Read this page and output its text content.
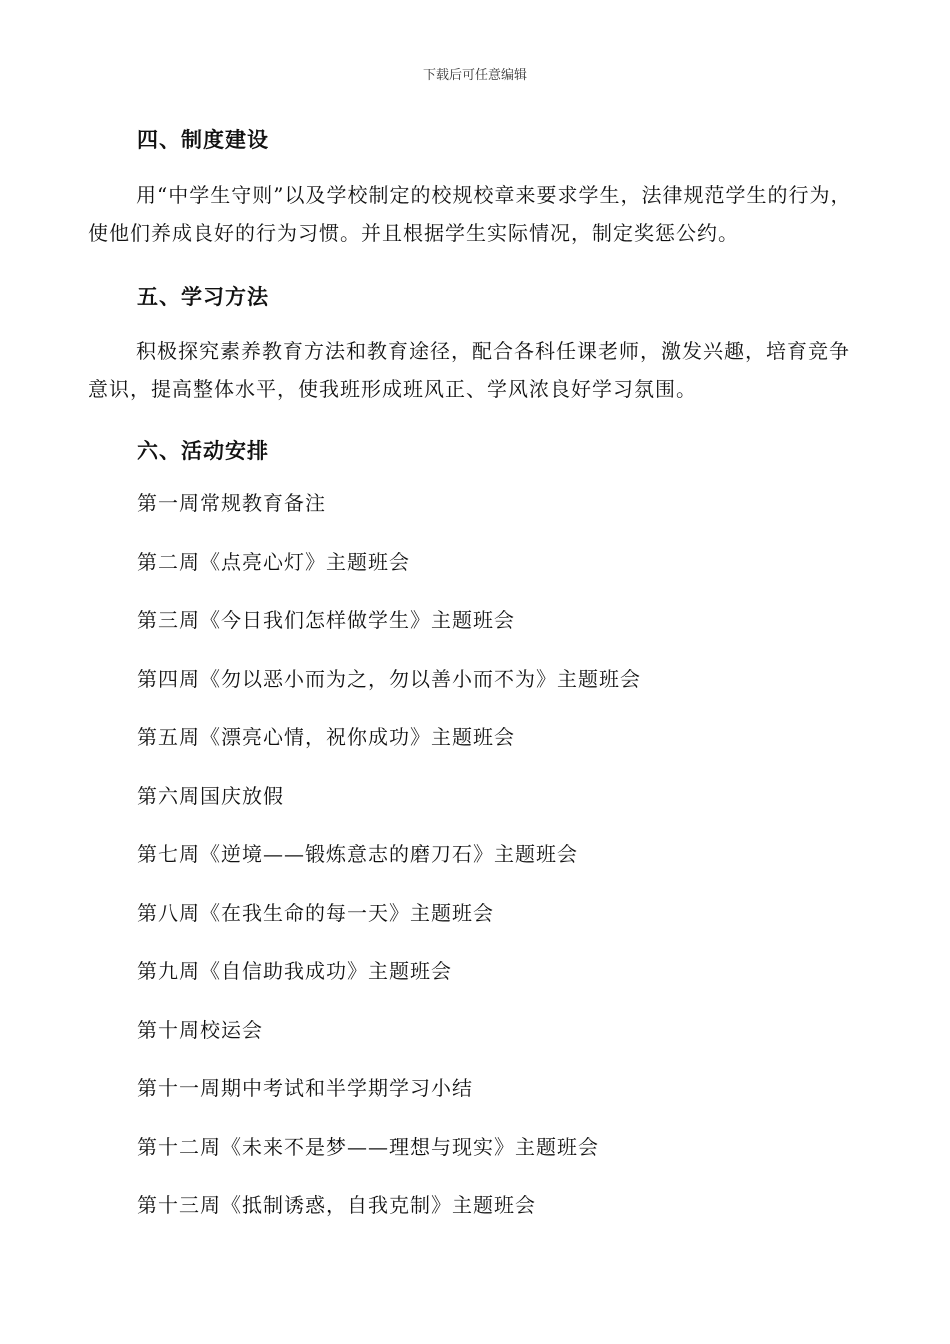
下载后可任意编辑
四、制度建设
用“中学生守则”以及学校制定的校规校章来要求学生，法律规范学生的行为，使他们养成良好的行为习惯。并且根据学生实际情况，制定奖惩公约。
五、学习方法
积极探究素养教育方法和教育途径，配合各科任课老师，激发兴趣，培育竞争意识，提高整体水平，使我班形成班风正、学风浓良好学习氛围。
六、活动安排
第一周常规教育备注
第二周《点亮心灯》主题班会
第三周《今日我们怎样做学生》主题班会
第四周《勿以恶小而为之，勿以善小而不为》主题班会
第五周《漂亮心情，祝你成功》主题班会
第六周国庆放假
第七周《逆境——锻炼意志的磨刀石》主题班会
第八周《在我生命的每一天》主题班会
第九周《自信助我成功》主题班会
第十周校运会
第十一周期中考试和半学期学习小结
第十二周《未来不是梦——理想与现实》主题班会
第十三周《抵制诱惑，自我克制》主题班会
